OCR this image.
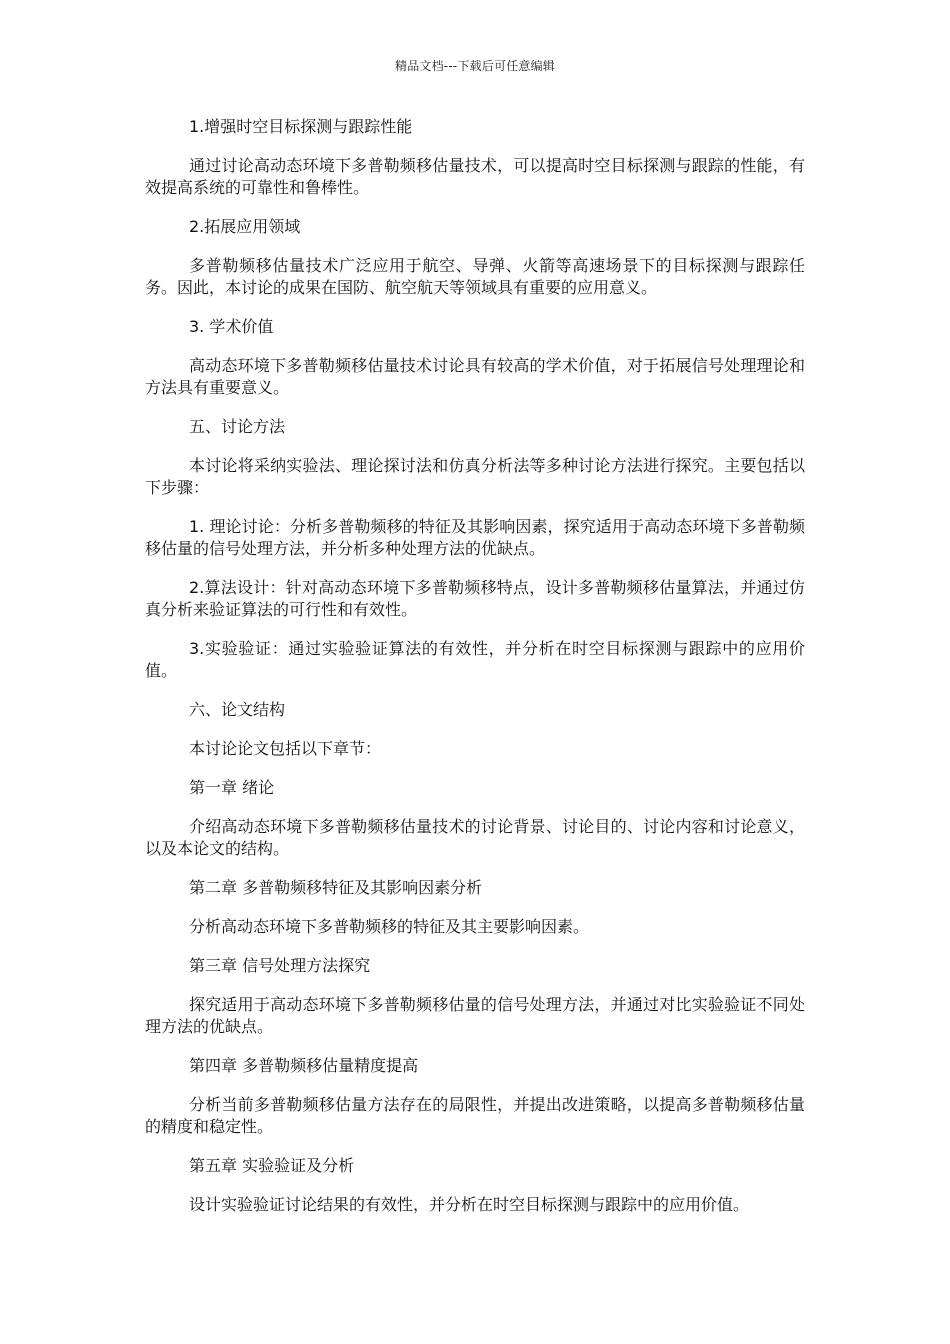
精品文档---下载后可任意编辑

1.增强时空目标探测与跟踪性能

通过讨论高动态环境下多普勒频移估量技术，可以提高时空目标探测与跟踪的性能，有效提高系统的可靠性和鲁棒性。

2.拓展应用领域

多普勒频移估量技术广泛应用于航空、导弹、火箭等高速场景下的目标探测与跟踪任务。因此，本讨论的成果在国防、航空航天等领域具有重要的应用意义。

3. 学术价值

高动态环境下多普勒频移估量技术讨论具有较高的学术价值，对于拓展信号处理理论和方法具有重要意义。

五、讨论方法

本讨论将采纳实验法、理论探讨法和仿真分析法等多种讨论方法进行探究。主要包括以下步骤：

1. 理论讨论：分析多普勒频移的特征及其影响因素，探究适用于高动态环境下多普勒频移估量的信号处理方法，并分析多种处理方法的优缺点。

2.算法设计：针对高动态环境下多普勒频移特点，设计多普勒频移估量算法，并通过仿真分析来验证算法的可行性和有效性。

3.实验验证：通过实验验证算法的有效性，并分析在时空目标探测与跟踪中的应用价值。

六、论文结构

本讨论论文包括以下章节：

第一章 绪论

介绍高动态环境下多普勒频移估量技术的讨论背景、讨论目的、讨论内容和讨论意义，以及本论文的结构。

第二章 多普勒频移特征及其影响因素分析

分析高动态环境下多普勒频移的特征及其主要影响因素。

第三章 信号处理方法探究

探究适用于高动态环境下多普勒频移估量的信号处理方法，并通过对比实验验证不同处理方法的优缺点。

第四章 多普勒频移估量精度提高

分析当前多普勒频移估量方法存在的局限性，并提出改进策略，以提高多普勒频移估量的精度和稳定性。

第五章 实验验证及分析

设计实验验证讨论结果的有效性，并分析在时空目标探测与跟踪中的应用价值。
